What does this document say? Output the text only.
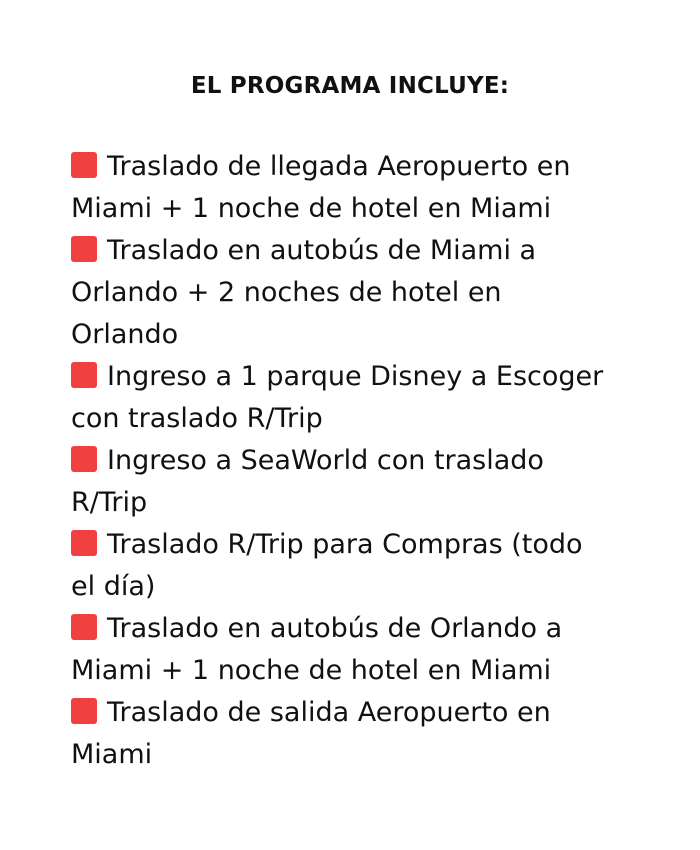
EL PROGRAMA INCLUYE:
Traslado de llegada Aeropuerto en
Miami + 1 noche de hotel en Miami
Traslado en autobús de Miami a
Orlando + 2 noches de hotel en
Orlando
Ingreso a 1 parque Disney a Escoger
con traslado R/Trip
Ingreso a SeaWorld con traslado
R/Trip
Traslado R/Trip para Compras (todo
el día)
Traslado en autobús de Orlando a
Miami + 1 noche de hotel en Miami
Traslado de salida Aeropuerto en
Miami
